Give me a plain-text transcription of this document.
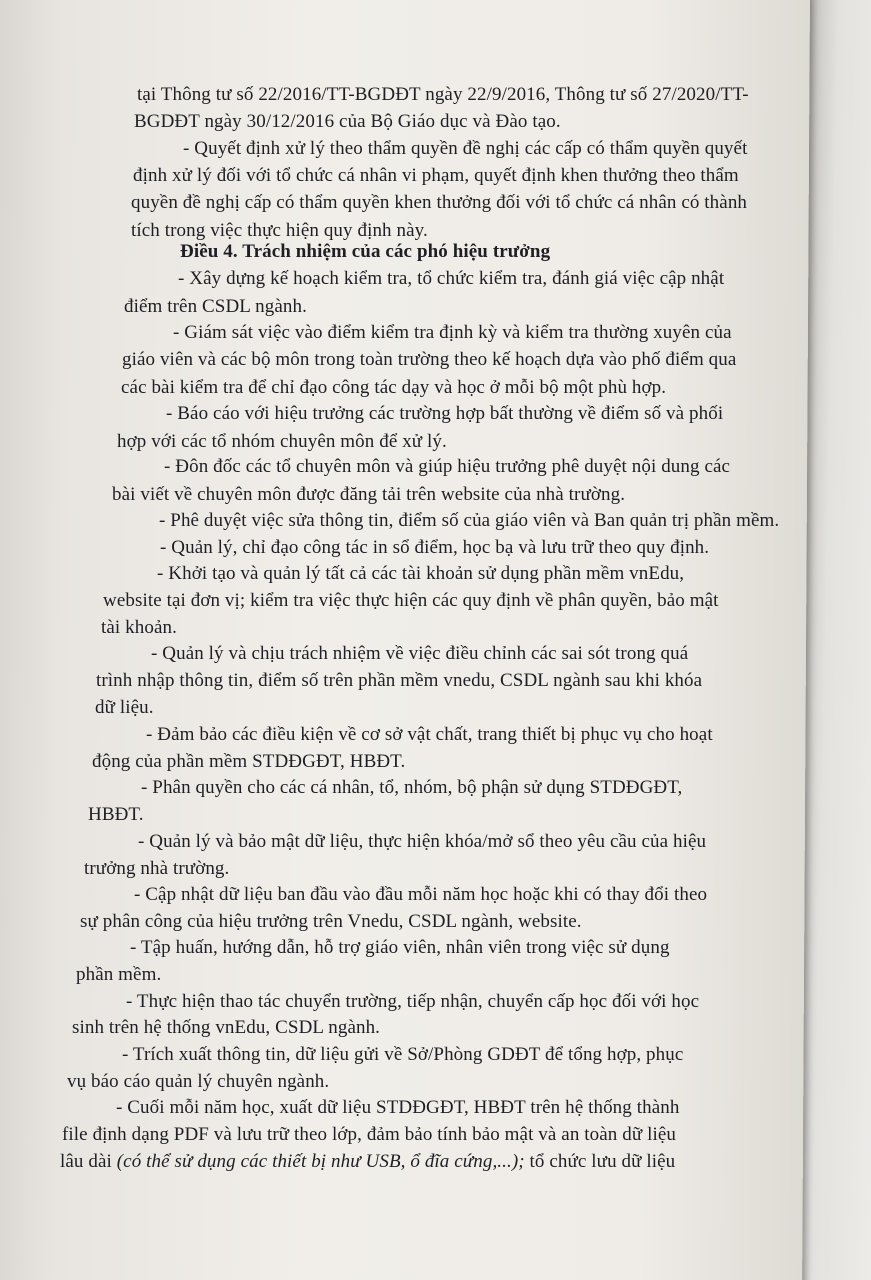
tại Thông tư số 22/2016/TT-BGDĐT ngày 22/9/2016, Thông tư số 27/2020/TT-
BGDĐT ngày 30/12/2016 của Bộ Giáo dục và Đào tạo.
- Quyết định xử lý theo thẩm quyền đề nghị các cấp có thẩm quyền quyết
định xử lý đối với tổ chức cá nhân vi phạm, quyết định khen thưởng theo thẩm
quyền đề nghị cấp có thẩm quyền khen thưởng đối với tổ chức cá nhân có thành
tích trong việc thực hiện quy định này.
Điều 4. Trách nhiệm của các phó hiệu trưởng
- Xây dựng kế hoạch kiểm tra, tổ chức kiểm tra, đánh giá việc cập nhật
điểm trên CSDL ngành.
- Giám sát việc vào điểm kiểm tra định kỳ và kiểm tra thường xuyên của
giáo viên và các bộ môn trong toàn trường theo kế hoạch dựa vào phố điểm qua
các bài kiểm tra để chỉ đạo công tác dạy và học ở mỗi bộ một phù hợp.
- Báo cáo với hiệu trưởng các trường hợp bất thường về điểm số và phối
hợp với các tổ nhóm chuyên môn để xử lý.
- Đôn đốc các tổ chuyên môn và giúp hiệu trưởng phê duyệt nội dung các
bài viết về chuyên môn được đăng tải trên website của nhà trường.
- Phê duyệt việc sửa thông tin, điểm số của giáo viên và Ban quản trị phần mềm.
- Quản lý, chỉ đạo công tác in sổ điểm, học bạ và lưu trữ theo quy định.
- Khởi tạo và quản lý tất cả các tài khoản sử dụng phần mềm vnEdu,
website tại đơn vị; kiểm tra việc thực hiện các quy định về phân quyền, bảo mật
tài khoản.
- Quản lý và chịu trách nhiệm về việc điều chỉnh các sai sót trong quá
trình nhập thông tin, điểm số trên phần mềm vnedu, CSDL ngành sau khi khóa
dữ liệu.
- Đảm bảo các điều kiện về cơ sở vật chất, trang thiết bị phục vụ cho hoạt
động của phần mềm STDĐGĐT, HBĐT.
- Phân quyền cho các cá nhân, tổ, nhóm, bộ phận sử dụng STDĐGĐT,
HBĐT.
- Quản lý và bảo mật dữ liệu, thực hiện khóa/mở sổ theo yêu cầu của hiệu
trưởng nhà trường.
- Cập nhật dữ liệu ban đầu vào đầu mỗi năm học hoặc khi có thay đổi theo
sự phân công của hiệu trưởng trên Vnedu, CSDL ngành, website.
- Tập huấn, hướng dẫn, hỗ trợ giáo viên, nhân viên trong việc sử dụng
phần mềm.
- Thực hiện thao tác chuyển trường, tiếp nhận, chuyển cấp học đối với học
sinh trên hệ thống vnEdu, CSDL ngành.
- Trích xuất thông tin, dữ liệu gửi về Sở/Phòng GDĐT để tổng hợp, phục
vụ báo cáo quản lý chuyên ngành.
- Cuối mỗi năm học, xuất dữ liệu STDĐGĐT, HBĐT trên hệ thống thành
file định dạng PDF và lưu trữ theo lớp, đảm bảo tính bảo mật và an toàn dữ liệu
lâu dài (có thể sử dụng các thiết bị như USB, ổ đĩa cứng,...); tổ chức lưu dữ liệu
